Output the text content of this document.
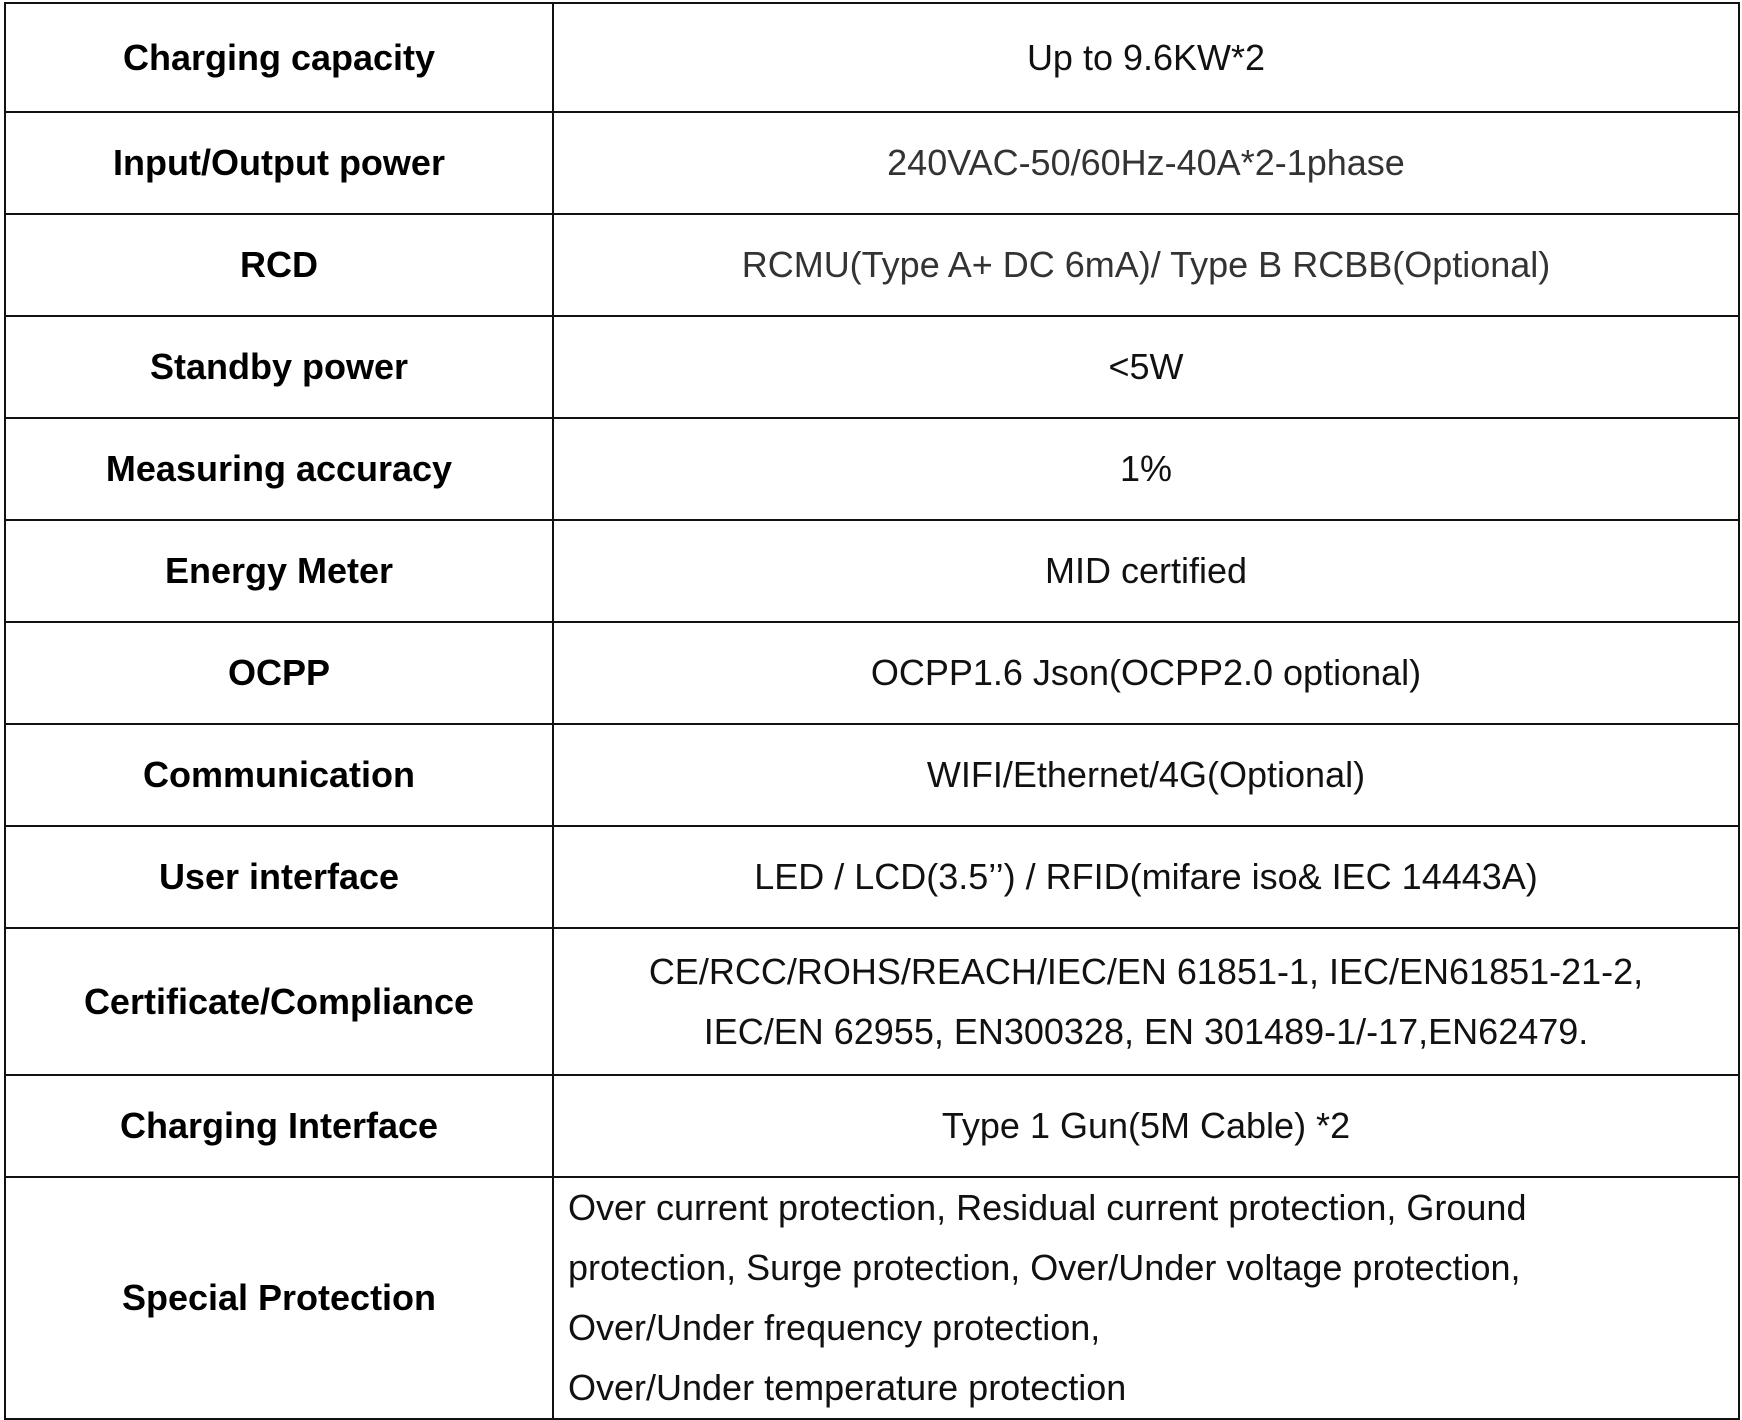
Charging capacity	Up to 9.6KW*2
Input/Output power	240VAC-50/60Hz-40A*2-1phase
RCD	RCMU(Type A+ DC 6mA)/ Type B RCBB(Optional)
Standby power	<5W
Measuring accuracy	1%
Energy Meter	MID certified
OCPP	OCPP1.6 Json(OCPP2.0 optional)
Communication	WIFI/Ethernet/4G(Optional)
User interface	LED / LCD(3.5’’) / RFID(mifare iso& IEC 14443A)
Certificate/Compliance	CE/RCC/ROHS/REACH/IEC/EN 61851-1, IEC/EN61851-21-2,
IEC/EN 62955, EN300328, EN 301489-1/-17,EN62479.

Charging Interface	Type 1 Gun(5M Cable) *2
Special Protection	Over current protection, Residual current protection, Ground
protection, Surge protection, Over/Under voltage protection,
Over/Under frequency protection,
Over/Under temperature protection
